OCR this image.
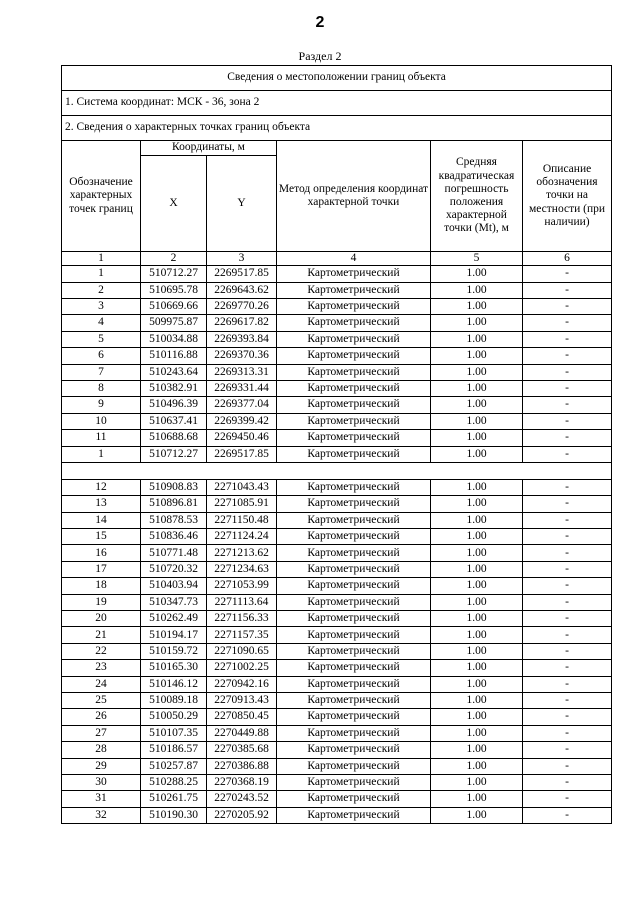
2
Раздел 2
Сведения о местоположении границ объекта					
1. Система координат: МСК - 36, зона 2					
2. Сведения о характерных точках границ объекта					
Обозначение характерных точек границ	Координаты, м		Метод определения координат характерной точки	Средняя квадратическая погрешность положения характерной точки (Mt), м	Описание обозначения точки на местности (при наличии)
	X	Y			
1	2	3	4	5	6
1	510712.27	2269517.85	Картометрический	1.00	-
2	510695.78	2269643.62	Картометрический	1.00	-
3	510669.66	2269770.26	Картометрический	1.00	-
4	509975.87	2269617.82	Картометрический	1.00	-
5	510034.88	2269393.84	Картометрический	1.00	-
6	510116.88	2269370.36	Картометрический	1.00	-
7	510243.64	2269313.31	Картометрический	1.00	-
8	510382.91	2269331.44	Картометрический	1.00	-
9	510496.39	2269377.04	Картометрический	1.00	-
10	510637.41	2269399.42	Картометрический	1.00	-
11	510688.68	2269450.46	Картометрический	1.00	-
1	510712.27	2269517.85	Картометрический	1.00	-

12	510908.83	2271043.43	Картометрический	1.00	-
13	510896.81	2271085.91	Картометрический	1.00	-
14	510878.53	2271150.48	Картометрический	1.00	-
15	510836.46	2271124.24	Картометрический	1.00	-
16	510771.48	2271213.62	Картометрический	1.00	-
17	510720.32	2271234.63	Картометрический	1.00	-
18	510403.94	2271053.99	Картометрический	1.00	-
19	510347.73	2271113.64	Картометрический	1.00	-
20	510262.49	2271156.33	Картометрический	1.00	-
21	510194.17	2271157.35	Картометрический	1.00	-
22	510159.72	2271090.65	Картометрический	1.00	-
23	510165.30	2271002.25	Картометрический	1.00	-
24	510146.12	2270942.16	Картометрический	1.00	-
25	510089.18	2270913.43	Картометрический	1.00	-
26	510050.29	2270850.45	Картометрический	1.00	-
27	510107.35	2270449.88	Картометрический	1.00	-
28	510186.57	2270385.68	Картометрический	1.00	-
29	510257.87	2270386.88	Картометрический	1.00	-
30	510288.25	2270368.19	Картометрический	1.00	-
31	510261.75	2270243.52	Картометрический	1.00	-
32	510190.30	2270205.92	Картометрический	1.00	-
